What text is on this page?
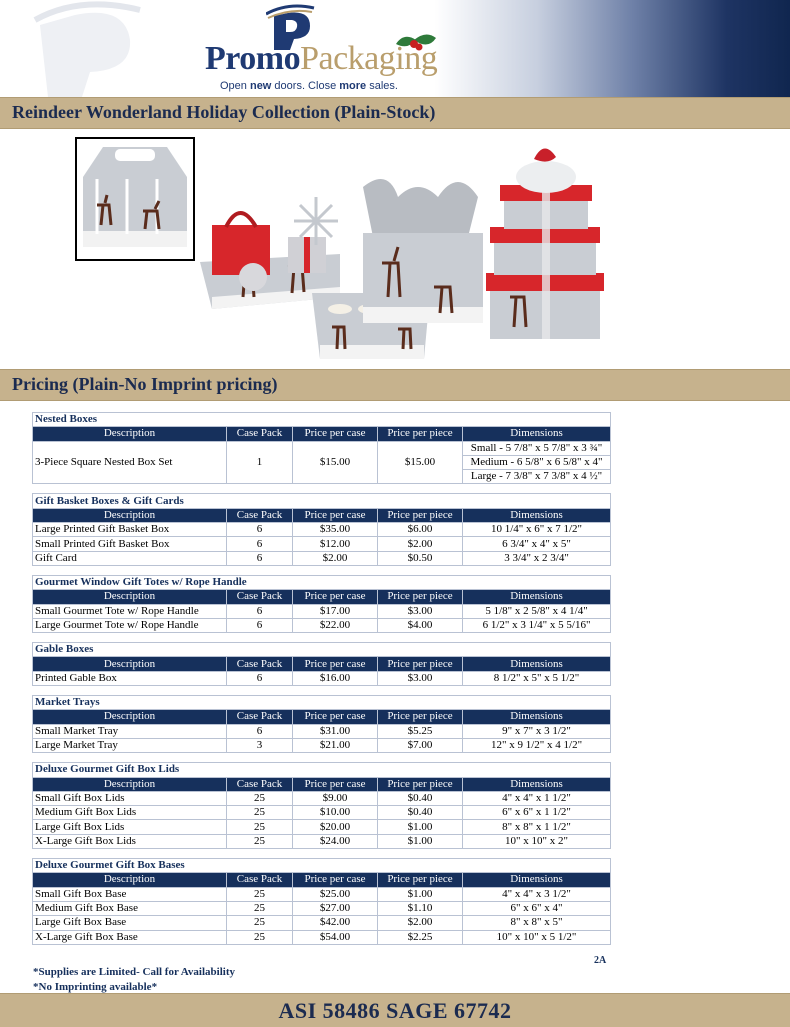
PromoPackaging
Open new doors. Close more sales.
Reindeer Wonderland Holiday Collection (Plain-Stock)
Pricing (Plain-No Imprint pricing)
Nested Boxes				
Description	Case Pack	Price per case	Price per piece	Dimensions
3-Piece Square Nested Box Set	1	$15.00	$15.00	Small - 5 7/8" x 5 7/8" x 3 ¾"
				Medium - 6 5/8" x 6 5/8" x 4"
				Large - 7 3/8" x 7 3/8" x 4 ½"
Gift Basket Boxes & Gift Cards				
Description	Case Pack	Price per case	Price per piece	Dimensions
Large Printed Gift Basket Box	6	$35.00	$6.00	10 1/4" x 6" x 7 1/2"
Small Printed Gift Basket Box	6	$12.00	$2.00	6 3/4" x 4" x 5"
Gift Card	6	$2.00	$0.50	3 3/4" x 2 3/4"
Gourmet Window Gift Totes w/ Rope Handle				
Description	Case Pack	Price per case	Price per piece	Dimensions
Small Gourmet Tote w/ Rope Handle	6	$17.00	$3.00	5 1/8" x 2 5/8" x 4 1/4"
Large Gourmet Tote w/ Rope Handle	6	$22.00	$4.00	6 1/2" x 3 1/4" x 5 5/16"
Gable Boxes				
Description	Case Pack	Price per case	Price per piece	Dimensions
Printed Gable Box	6	$16.00	$3.00	8 1/2" x 5" x 5 1/2"
Market Trays				
Description	Case Pack	Price per case	Price per piece	Dimensions
Small Market Tray	6	$31.00	$5.25	9" x 7" x 3 1/2"
Large Market Tray	3	$21.00	$7.00	12" x 9 1/2" x 4 1/2"
Deluxe Gourmet Gift Box Lids				
Description	Case Pack	Price per case	Price per piece	Dimensions
Small Gift Box Lids	25	$9.00	$0.40	4" x 4" x 1 1/2"
Medium Gift Box Lids	25	$10.00	$0.40	6" x 6" x 1 1/2"
Large Gift Box Lids	25	$20.00	$1.00	8" x 8" x 1 1/2"
X-Large Gift Box Lids	25	$24.00	$1.00	10" x 10" x 2"
Deluxe Gourmet Gift Box Bases				
Description	Case Pack	Price per case	Price per piece	Dimensions
Small Gift Box Base	25	$25.00	$1.00	4" x 4" x 3 1/2"
Medium Gift Box Base	25	$27.00	$1.10	6" x 6" x 4"
Large Gift Box Base	25	$42.00	$2.00	8" x 8" x 5"
X-Large Gift Box Base	25	$54.00	$2.25	10" x 10" x 5 1/2"
2A
*Supplies are Limited- Call for Availability
*No Imprinting available*
ASI 58486 SAGE 67742
